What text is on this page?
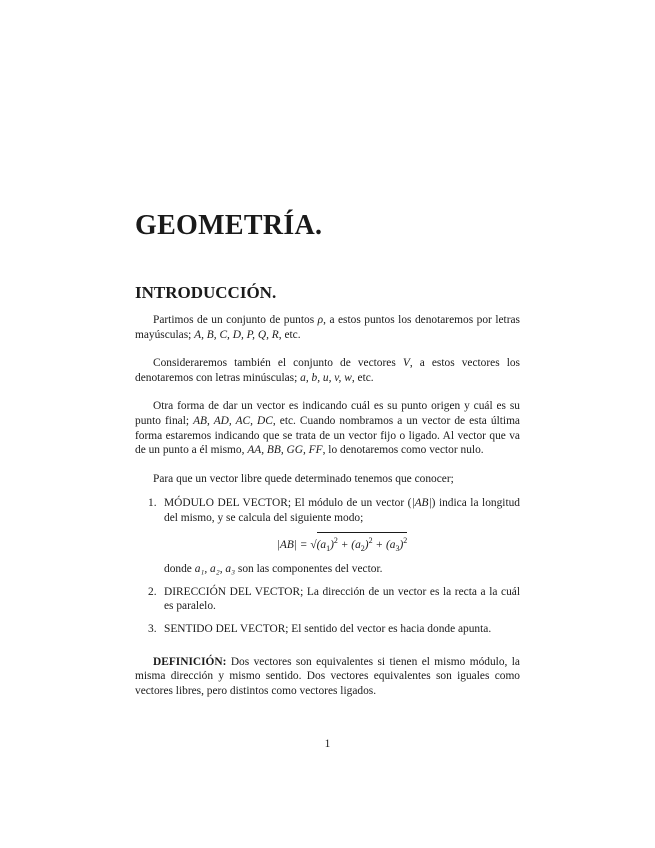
GEOMETRÍA.
INTRODUCCIÓN.

Partimos de un conjunto de puntos ρ, a estos puntos los denotaremos por letras mayúsculas; A, B, C, D, P, Q, R, etc.

Consideraremos también el conjunto de vectores V, a estos vectores los denotaremos con letras minúsculas; a, b, u, v, w, etc.

Otra forma de dar un vector es indicando cuál es su punto origen y cuál es su punto final; AB, AD, AC, DC, etc. Cuando nombramos a un vector de esta última forma estaremos indicando que se trata de un vector fijo o ligado. Al vector que va de un punto a él mismo, AA, BB, GG, FF, lo denotaremos como vector nulo.

Para que un vector libre quede determinado tenemos que conocer;

1. MÓDULO DEL VECTOR; El módulo de un vector (|AB|) indica la longitud del mismo, y se calcula del siguiente modo;
$|AB| = √(a_1)^2 + (a_2)^2 + (a_3)^2$
donde a₁, a₂, a₃ son las componentes del vector.
2. DIRECCIÓN DEL VECTOR; La dirección de un vector es la recta a la cuál es paralelo.
3. SENTIDO DEL VECTOR; El sentido del vector es hacia donde apunta.

DEFINICIÓN: Dos vectores son equivalentes si tienen el mismo módulo, la misma dirección y mismo sentido. Dos vectores equivalentes son iguales como vectores libres, pero distintos como vectores ligados.

1
